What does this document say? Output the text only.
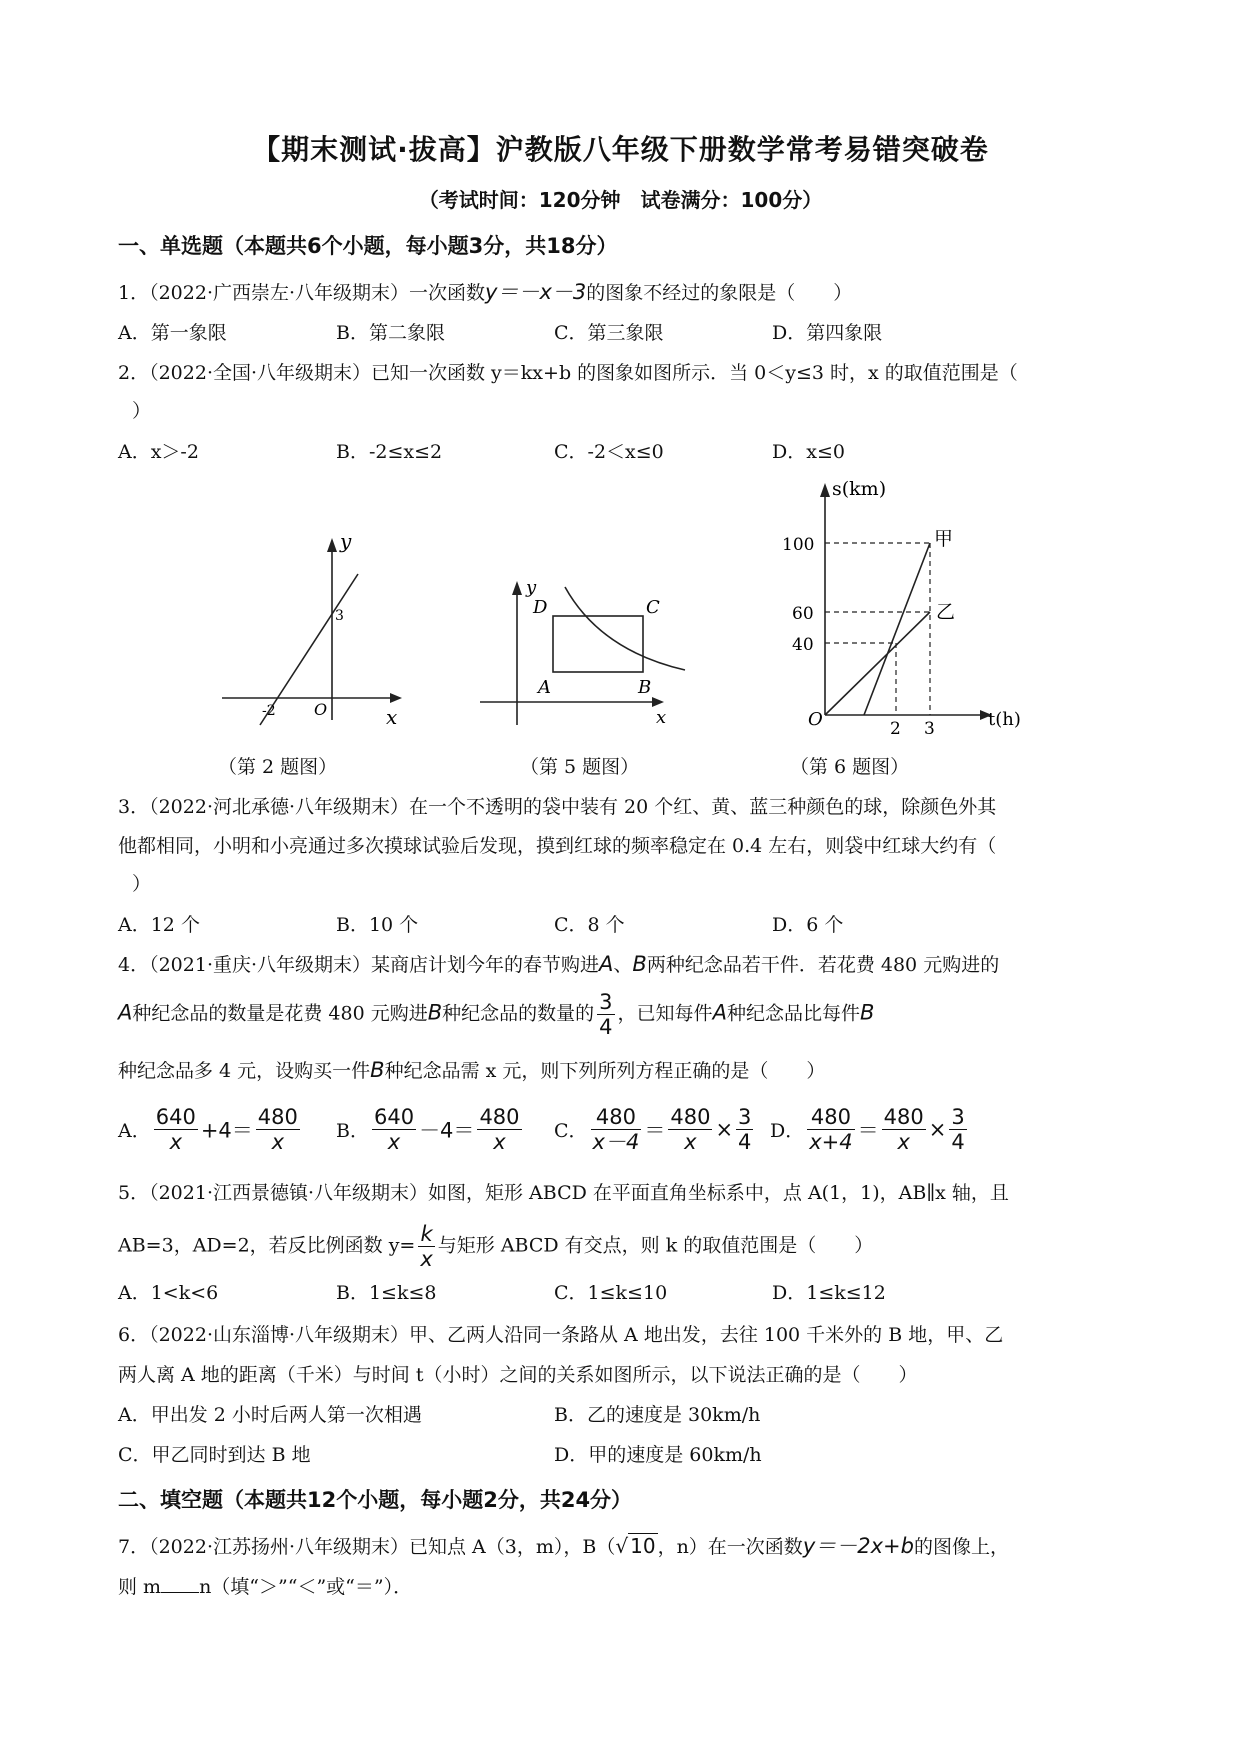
【期末测试·拔高】沪教版八年级下册数学常考易错突破卷
（考试时间：120分钟　试卷满分：100分）
一、单选题（本题共6个小题，每小题3分，共18分）
1．（2022·广西崇左·八年级期末）一次函数y＝－x－3的图象不经过的象限是（　　）
A．第一象限	B．第二象限	C．第三象限	D．第四象限
2．（2022·全国·八年级期末）已知一次函数 y＝kx+b 的图象如图所示．当 0＜y≤3 时，x 的取值范围是（
）
A．x＞-2	B．-2≤x≤2	C．-2＜x≤0	D．x≤0
y
x
3
-2 O
y
x
A	B
C
D
s(km)
t(h)
100
60
40
O	2 3
甲
乙
（第 2 题图）	（第 5 题图）	（第 6 题图）
3．（2022·河北承德·八年级期末）在一个不透明的袋中装有 20 个红、黄、蓝三种颜色的球，除颜色外其
他都相同，小明和小亮通过多次摸球试验后发现，摸到红球的频率稳定在 0.4 左右，则袋中红球大约有（
）
A．12 个	B．10 个	C．8 个	D．6 个
4．（2021·重庆·八年级期末）某商店计划今年的春节购进A、B两种纪念品若干件．若花费 480 元购进的
A种纪念品的数量是花费 480 元购进B种纪念品的数量的 $\frac{3}{4}$ ，已知每件A种纪念品比每件B
种纪念品多 4 元，设购买一件B种纪念品需 x 元，则下列所列方程正确的是（　　）
A． $\frac{640}{x} +4= \frac{480}{x}$ B． $\frac{640}{x} -4= \frac{480}{x}$ C． $\frac{480}{x-4} = \frac{480}{x} \times \frac{3}{4}$ D． $\frac{480}{x+4} = \frac{480}{x} \times \frac{3}{4}$
5．（2021·江西景德镇·八年级期末）如图，矩形 ABCD 在平面直角坐标系中，点 A(1，1)，AB∥x 轴，且
AB=3，AD=2，若反比例函数 $y= \frac{k}{x}$ 与矩形 ABCD 有交点，则 k 的取值范围是（　　）
A．1<k<6	B．1≤k≤8	C．1≤k≤10	D．1≤k≤12
6．（2022·山东淄博·八年级期末）甲、乙两人沿同一条路从 A 地出发，去往 100 千米外的 B 地，甲、乙
两人离 A 地的距离（千米）与时间 t（小时）之间的关系如图所示，以下说法正确的是（　　）
A．甲出发 2 小时后两人第一次相遇	B．乙的速度是 30km/h
C．甲乙同时到达 B 地	D．甲的速度是 60km/h
二、填空题（本题共12个小题，每小题2分，共24分）
7．（2022·江苏扬州·八年级期末）已知点 A（3，m），B（√ 10 ，n）在一次函数y＝－2x+b的图像上，
则 m n（填“＞”“＜”或“＝”）．
